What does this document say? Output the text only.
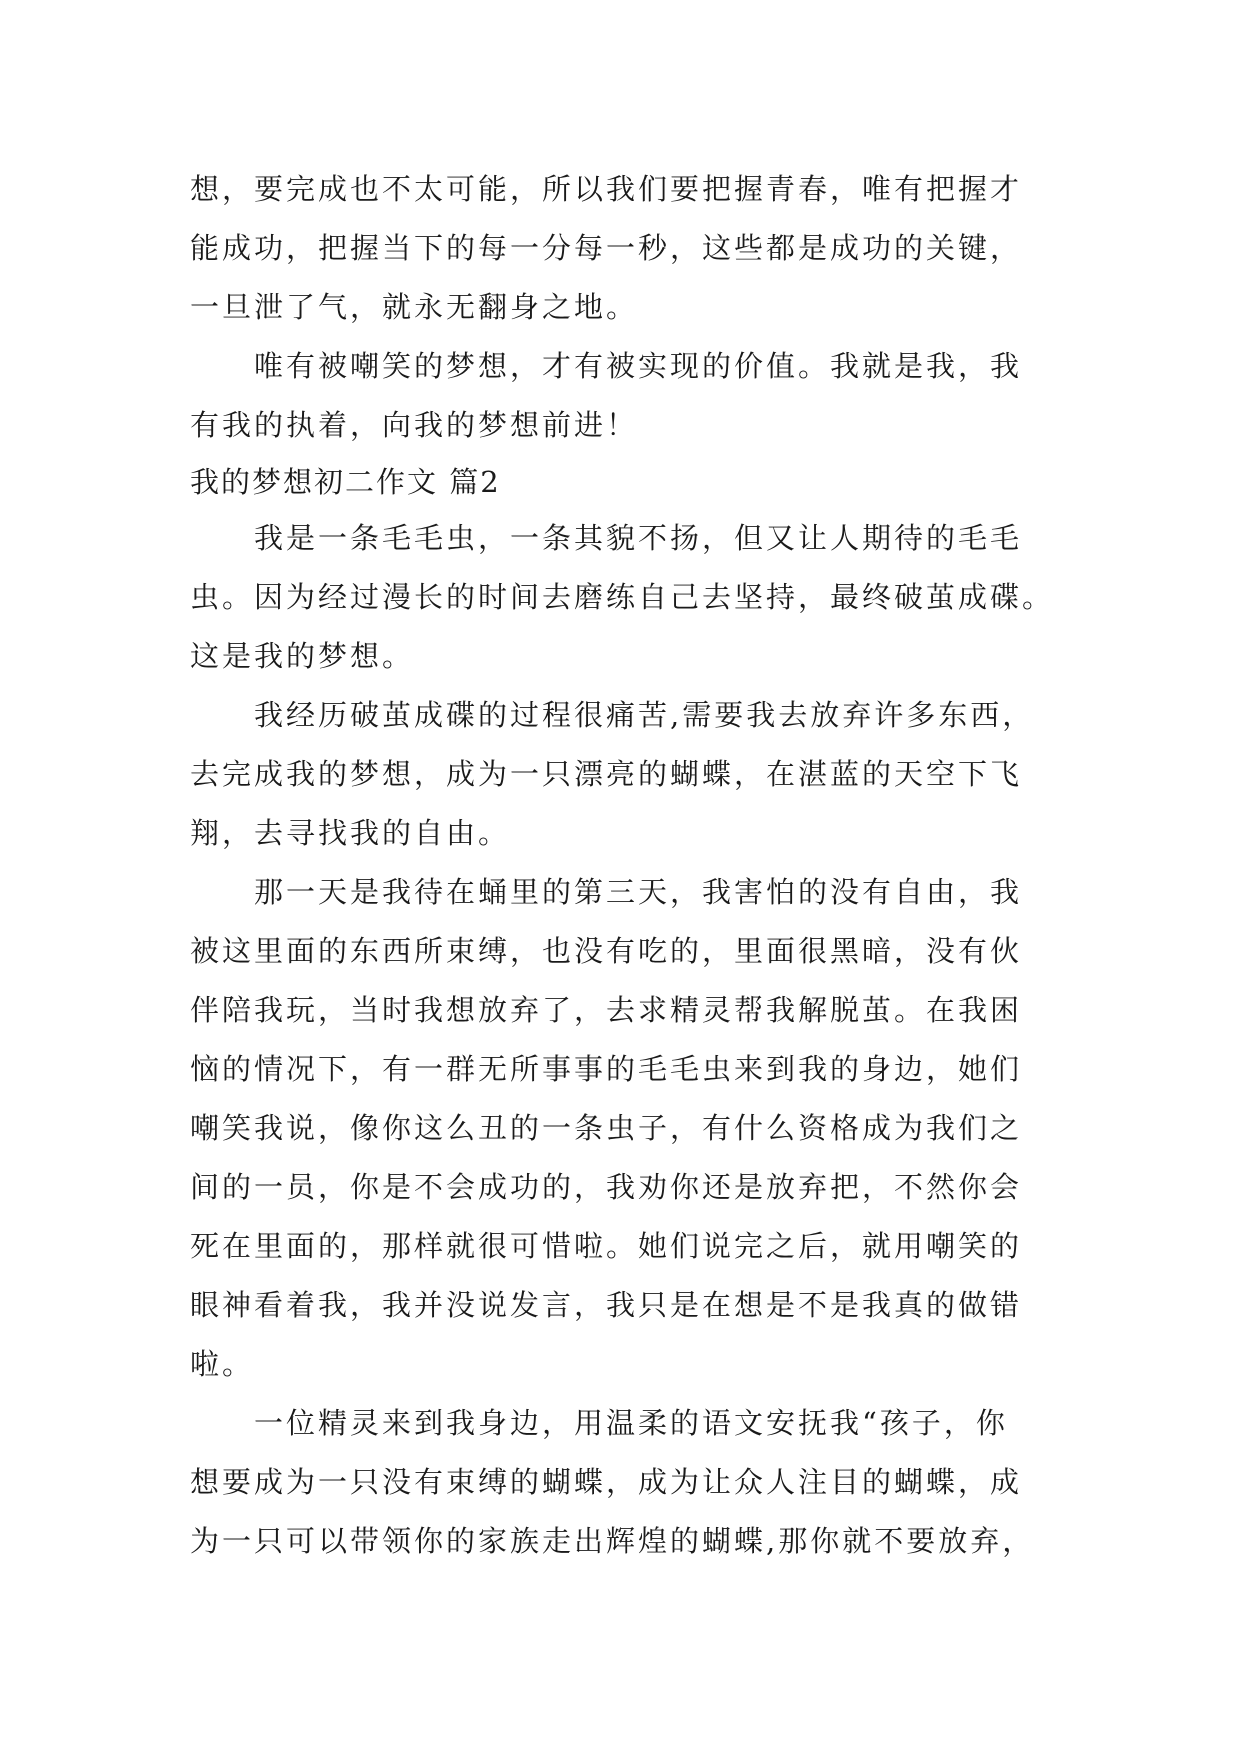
想，要完成也不太可能，所以我们要把握青春，唯有把握才
能成功，把握当下的每一分每一秒，这些都是成功的关键，
一旦泄了气，就永无翻身之地。
唯有被嘲笑的梦想，才有被实现的价值。我就是我，我
有我的执着，向我的梦想前进！
我的梦想初二作文 篇2
我是一条毛毛虫，一条其貌不扬，但又让人期待的毛毛
虫。因为经过漫长的时间去磨练自己去坚持，最终破茧成碟。
这是我的梦想。
我经历破茧成碟的过程很痛苦,需要我去放弃许多东西，
去完成我的梦想，成为一只漂亮的蝴蝶，在湛蓝的天空下飞
翔，去寻找我的自由。
那一天是我待在蛹里的第三天，我害怕的没有自由，我
被这里面的东西所束缚，也没有吃的，里面很黑暗，没有伙
伴陪我玩，当时我想放弃了，去求精灵帮我解脱茧。在我困
恼的情况下，有一群无所事事的毛毛虫来到我的身边，她们
嘲笑我说，像你这么丑的一条虫子，有什么资格成为我们之
间的一员，你是不会成功的，我劝你还是放弃把，不然你会
死在里面的，那样就很可惜啦。她们说完之后，就用嘲笑的
眼神看着我，我并没说发言，我只是在想是不是我真的做错
啦。
一位精灵来到我身边，用温柔的语文安抚我“孩子，你
想要成为一只没有束缚的蝴蝶，成为让众人注目的蝴蝶，成
为一只可以带领你的家族走出辉煌的蝴蝶,那你就不要放弃，
